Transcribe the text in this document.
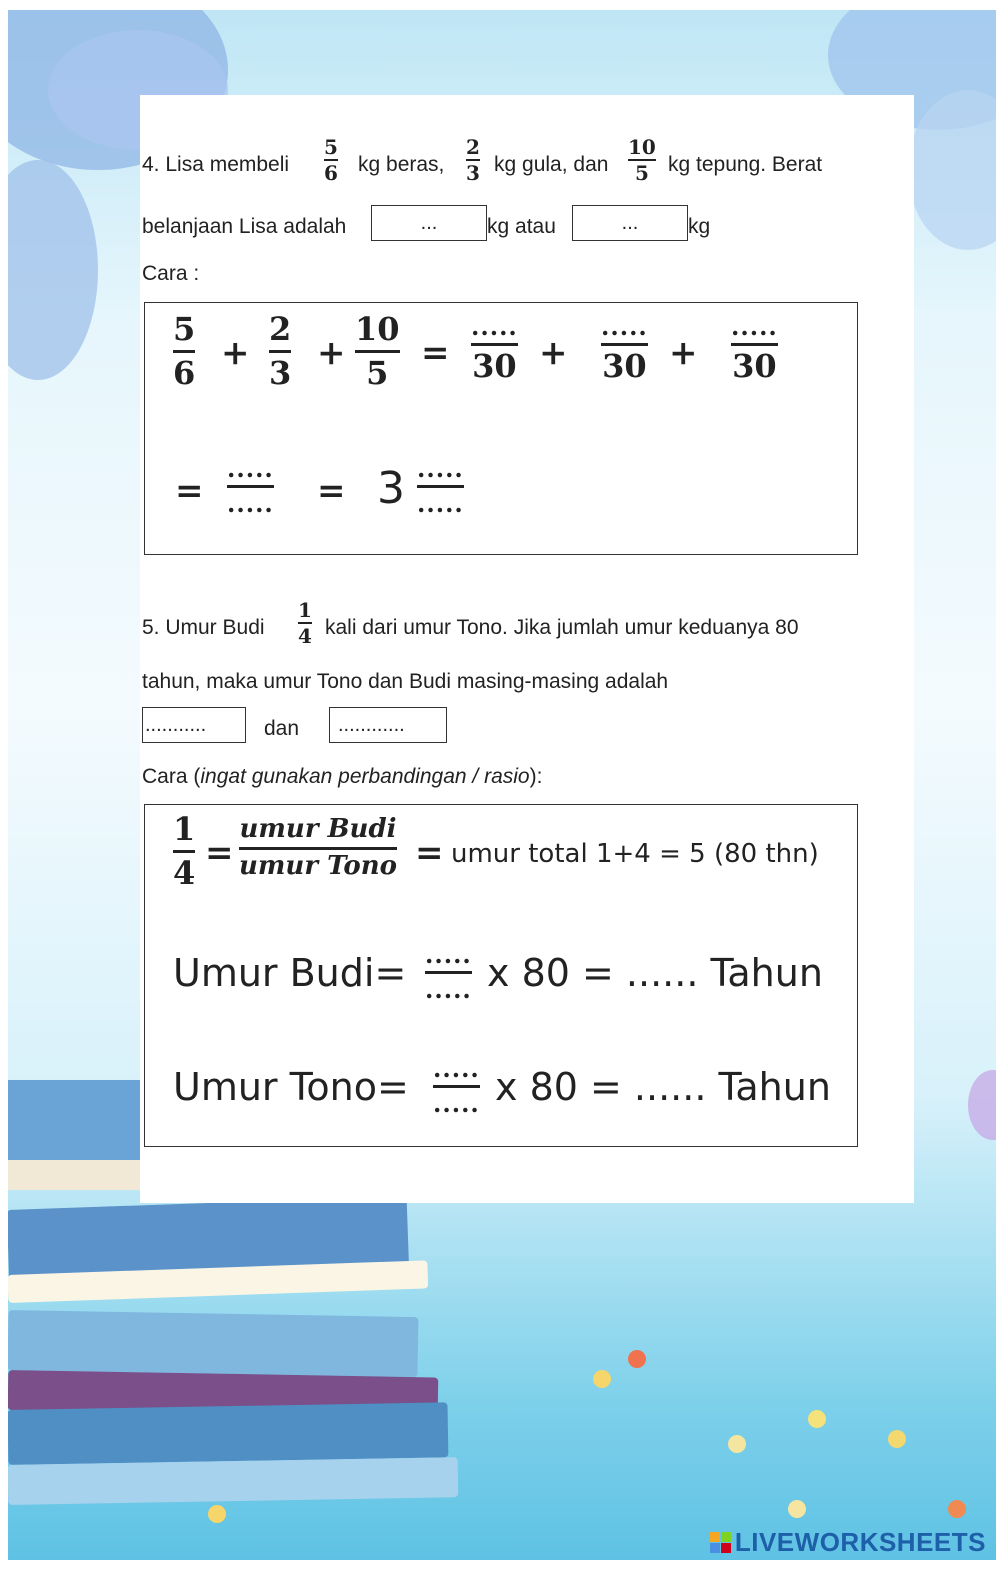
4. Lisa membeli
5
6 kg beras,
2
3 kg gula, dan
10
5 kg tepung. Berat
belanjaan Lisa adalah	...	kg atau	...	kg
Cara :
5
6 +
2
3 +
10
5 =
․․․․․
30 +
․․․․․
30 +
․․․․․
30
=
․․․․․
․․․․․ = 3 ․․․․․
․․․․․
5. Umur Budi
1
4 kali dari umur Tono. Jika jumlah umur keduanya 80
tahun, maka umur Tono dan Budi masing-masing adalah
...........	dan	............
Cara (ingat gunakan perbandingan / rasio):
1
4 =
umur Budi
umur Tono = umur total 1+4 = 5 (80 thn)
Umur Budi= ․․․․․
․․․․․ x 80 = ...... Tahun
Umur Tono= ․․․․․
․․․․․ x 80 = ...... Tahun
LIVEWORKSHEETS
